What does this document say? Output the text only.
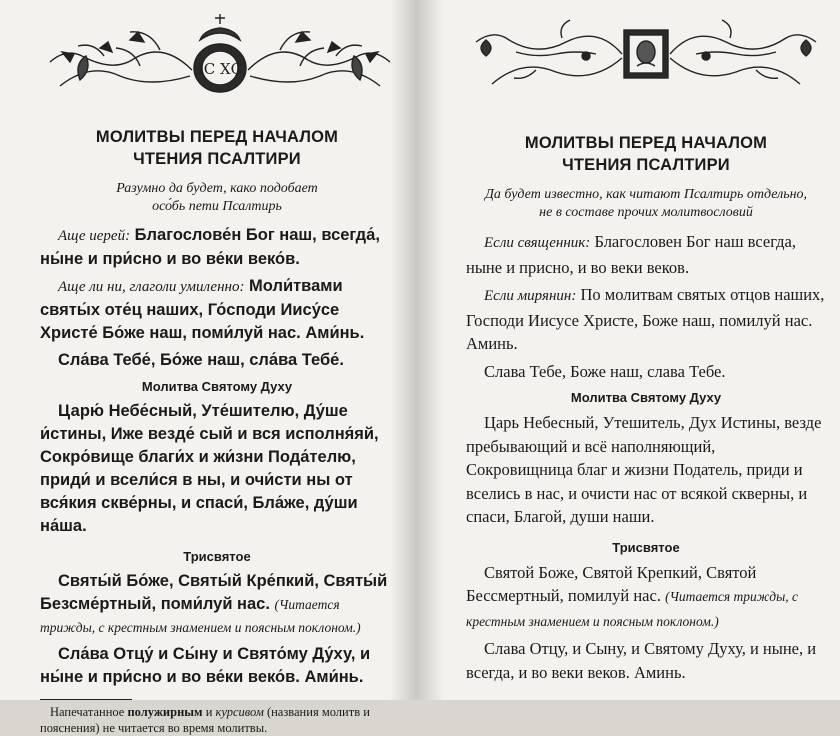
ІС ХС
МОЛИТВЫ ПЕРЕД НАЧАЛОМ
ЧТЕНИЯ ПСАЛТИРИ
Разумно да будет, како подобает
осо́бь пети Псалтирь
Аще иерей: Благослове́н Бог наш, всегда́, ны́не и при́сно и во ве́ки веко́в.
Аще ли ни, глаголи умиленно: Моли́твами святы́х оте́ц наших, Го́споди Иису́се Христе́ Бо́же наш, поми́луй нас. Ами́нь.
Сла́ва Тебе́, Бо́же наш, сла́ва Тебе́.
Молитва Святому Духу
Царю́ Небе́сный, Уте́шителю, Ду́ше и́стины, Иже везде́ сый и вся исполня́яй, Сокро́вище благи́х и жи́зни Пода́телю, приди́ и всели́ся в ны, и очи́сти ны от вся́кия скве́рны, и спаси́, Бла́же, ду́ши на́ша.
Трисвятое
Святы́й Бо́же, Святы́й Кре́пкий, Святы́й Безсме́ртный, поми́луй нас. (Читается трижды, с крестным знамением и поясным поклоном.)
Сла́ва Отцу́ и Сы́ну и Свято́му Ду́ху, и ны́не и при́сно и во ве́ки веко́в. Ами́нь.
Напечатанное полужирным и курсивом (названия молитв и пояснения) не читается во время молитвы.
МОЛИТВЫ ПЕРЕД НАЧАЛОМ
ЧТЕНИЯ ПСАЛТИРИ
Да будет известно, как читают Псалтирь отдельно,
не в составе прочих молитвословий
Если священник: Благословен Бог наш всегда, ныне и присно, и во веки веков.
Если мирянин: По молитвам святых отцов наших, Господи Иисусе Христе, Боже наш, помилуй нас. Аминь.
Слава Тебе, Боже наш, слава Тебе.
Молитва Святому Духу
Царь Небесный, Утешитель, Дух Истины, везде пребывающий и всё наполняющий, Сокровищница благ и жизни Податель, приди и вселись в нас, и очисти нас от всякой скверны, и спаси, Благой, души наши.
Трисвятое
Святой Боже, Святой Крепкий, Святой Бессмертный, помилуй нас. (Читается трижды, с крестным знамением и поясным поклоном.)
Слава Отцу, и Сыну, и Святому Духу, и ныне, и всегда, и во веки веков. Аминь.
